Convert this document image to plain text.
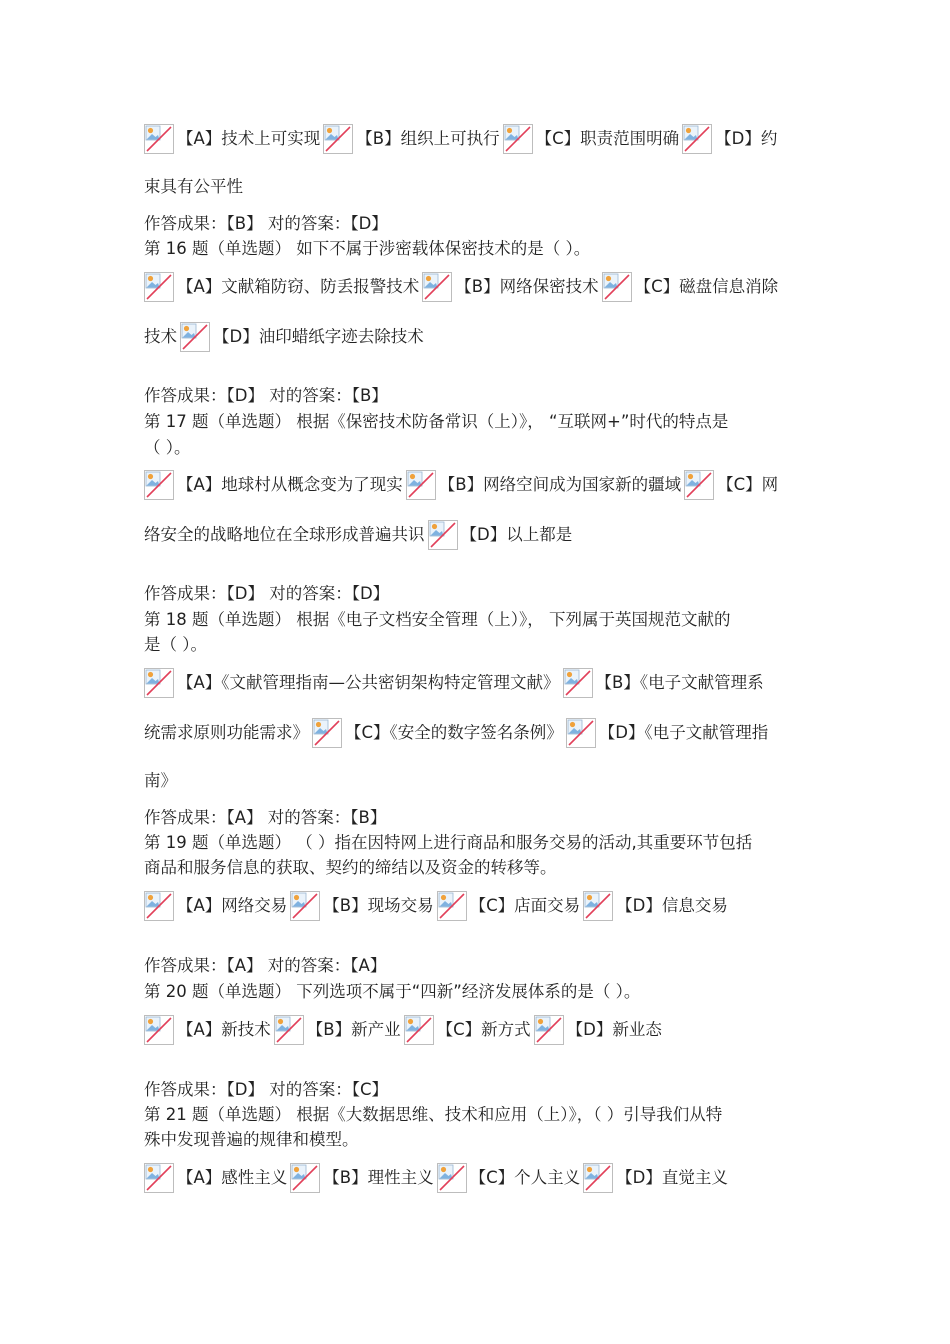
【A】技术上可实现 【B】组织上可执行 【C】职责范围明确 【D】约
束具有公平性
作答成果：【B】 对的答案：【D】
第 16 题（单选题） 如下不属于涉密载体保密技术的是（ ）。
【A】文献箱防窃、防丢报警技术 【B】网络保密技术 【C】磁盘信息消除
技术 【D】油印蜡纸字迹去除技术
作答成果：【D】 对的答案：【B】
第 17 题（单选题） 根据《保密技术防备常识（上）》， “互联网+”时代的特点是
（ ）。
【A】地球村从概念变为了现实 【B】网络空间成为国家新的疆域 【C】网
络安全的战略地位在全球形成普遍共识 【D】以上都是
作答成果：【D】 对的答案：【D】
第 18 题（单选题） 根据《电子文档安全管理（上）》， 下列属于英国规范文献的
是（ ）。
【A】《文献管理指南—公共密钥架构特定管理文献》 【B】《电子文献管理系
统需求原则功能需求》 【C】《安全的数字签名条例》 【D】《电子文献管理指
南》
作答成果：【A】 对的答案：【B】
第 19 题（单选题） （ ）指在因特网上进行商品和服务交易的活动,其重要环节包括
商品和服务信息的获取、契约的缔结以及资金的转移等。
【A】网络交易 【B】现场交易 【C】店面交易 【D】信息交易
作答成果：【A】 对的答案：【A】
第 20 题（单选题） 下列选项不属于“四新”经济发展体系的是（ ）。
【A】新技术 【B】新产业 【C】新方式 【D】新业态
作答成果：【D】 对的答案：【C】
第 21 题（单选题） 根据《大数据思维、技术和应用（上）》，（ ）引导我们从特
殊中发现普遍的规律和模型。
【A】感性主义 【B】理性主义 【C】个人主义 【D】直觉主义
